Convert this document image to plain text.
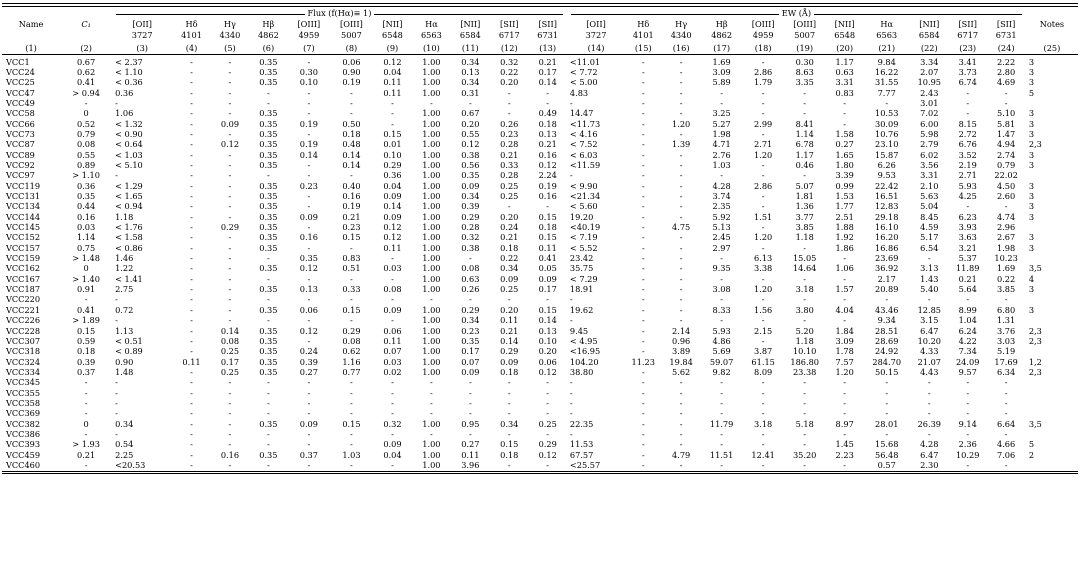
		Flux (f(Hα)≡ 1)											EW (Å)											
Name	C₁	[OII]	Hδ	Hγ	Hβ	[OIII]	[OIII]	[NII]	Hα	[NII]	[SII]	[SII]	[OII]	Hδ	Hγ	Hβ	[OIII]	[OIII]	[NII]	Hα	[NII]	[SII]	[SII]	Notes
		3727	4101	4340	4862	4959	5007	6548	6563	6584	6717	6731	3727	4101	4340	4862	4959	5007	6548	6563	6584	6717	6731	

(1)	(2)	(3)	(4)	(5)	(6)	(7)	(8)	(9)	(10)	(11)	(12)	(13)	(14)	(15)	(16)	(17)	(18)	(19)	(20)	(21)	(22)	(23)	(24)	(25)

VCC1	0.67	< 2.37	-	-	0.35	-	0.06	0.12	1.00	0.34	0.32	0.21	<11.01	-	-	1.69	-	0.30	1.17	9.84	3.34	3.41	2.22	3
VCC24	0.62	< 1.10	-	-	0.35	0.30	0.90	0.04	1.00	0.13	0.22	0.17	< 7.72	-	-	3.09	2.86	8.63	0.63	16.22	2.07	3.73	2.80	3
VCC25	0.41	< 0.36	-	-	0.35	0.10	0.19	0.11	1.00	0.34	0.20	0.14	< 5.00	-	-	5.89	1.79	3.35	3.31	31.55	10.95	6.74	4.69	3
VCC47	> 0.94	0.36	-	-	-	-	-	0.11	1.00	0.31	-	-	4.83	-	-	-	-	-	0.83	7.77	2.43	-	-	5
VCC49	-	-	-	-	-	-	-	-	-	-	-	-	-	-	-	-	-	-	-	-	3.01	-	-	
VCC58	0	1.06	-	-	0.35	-	-	-	1.00	0.67	-	0.49	14.47	-	-	3.25	-	-	-	10.53	7.02	-	5.10	3
VCC66	0.52	< 1.32	-	0.09	0.35	0.19	0.50	-	1.00	0.20	0.26	0.18	<11.73	-	1.20	5.27	2.99	8.41	-	30.09	6.00	8.15	5.81	3
VCC73	0.79	< 0.90	-	-	0.35	-	0.18	0.15	1.00	0.55	0.23	0.13	< 4.16	-	-	1.98	-	1.14	1.58	10.76	5.98	2.72	1.47	3
VCC87	0.08	< 0.64	-	0.12	0.35	0.19	0.48	0.01	1.00	0.12	0.28	0.21	< 7.52	-	1.39	4.71	2.71	6.78	0.27	23.10	2.79	6.76	4.94	2,3
VCC89	0.55	< 1.03	-	-	0.35	0.14	0.14	0.10	1.00	0.38	0.21	0.16	< 6.03	-	-	2.76	1.20	1.17	1.65	15.87	6.02	3.52	2.74	3
VCC92	0.89	< 5.10	-	-	0.35	-	0.14	0.29	1.00	0.56	0.33	0.12	<11.59	-	-	1.03	-	0.46	1.80	6.26	3.56	2.19	0.79	3
VCC97	> 1.10	-	-	-	-	-	-	0.36	1.00	0.35	0.28	2.24	-	-	-	-	-	-	3.39	9.53	3.31	2.71	22.02	
VCC119	0.36	< 1.29	-	-	0.35	0.23	0.40	0.04	1.00	0.09	0.25	0.19	< 9.90	-	-	4.28	2.86	5.07	0.99	22.42	2.10	5.93	4.50	3
VCC131	0.35	< 1.65	-	-	0.35	-	0.16	0.09	1.00	0.34	0.25	0.16	<21.34	-	-	3.74	-	1.81	1.53	16.51	5.63	4.25	2.60	3
VCC134	0.44	< 0.94	-	-	0.35	-	0.19	0.14	1.00	0.39	-	-	< 5.60	-	-	2.35	-	1.36	1.77	12.83	5.04	-	-	3
VCC144	0.16	1.18	-	-	0.35	0.09	0.21	0.09	1.00	0.29	0.20	0.15	19.20	-	-	5.92	1.51	3.77	2.51	29.18	8.45	6.23	4.74	3
VCC145	0.03	< 1.76	-	0.29	0.35	-	0.23	0.12	1.00	0.28	0.24	0.18	<40.19	-	4.75	5.13	-	3.85	1.88	16.10	4.59	3.93	2.96	
VCC152	1.14	< 1.58	-	-	0.35	0.16	0.15	0.12	1.00	0.32	0.21	0.15	< 7.19	-	-	2.45	1.20	1.18	1.92	16.20	5.17	3.63	2.67	3
VCC157	0.75	< 0.86	-	-	0.35	-	-	0.11	1.00	0.38	0.18	0.11	< 5.52	-	-	2.97	-	-	1.86	16.86	6.54	3.21	1.98	3
VCC159	> 1.48	1.46	-	-	-	0.35	0.83	-	1.00	-	0.22	0.41	23.42	-	-	-	6.13	15.05	-	23.69	-	5.37	10.23	
VCC162	0	1.22	-	-	0.35	0.12	0.51	0.03	1.00	0.08	0.34	0.05	35.75	-	-	9.35	3.38	14.64	1.06	36.92	3.13	11.89	1.69	3,5
VCC167	> 1.40	< 1.41	-	-	-	-	-	-	1.00	0.63	0.09	0.09	< 7.29	-	-	-	-	-	-	2.17	1.43	0.21	0.22	4
VCC187	0.91	2.75	-	-	0.35	0.13	0.33	0.08	1.00	0.26	0.25	0.17	18.91	-	-	3.08	1.20	3.18	1.57	20.89	5.40	5.64	3.85	3
VCC220	-	-	-	-	-	-	-	-	-	-	-	-	-	-	-	-	-	-	-	-	-	-	-	
VCC221	0.41	0.72	-	-	0.35	0.06	0.15	0.09	1.00	0.29	0.20	0.15	19.62	-	-	8.33	1.56	3.80	4.04	43.46	12.85	8.99	6.80	3
VCC226	> 1.89	-	-	-	-	-	-	-	1.00	0.34	0.11	0.14	-	-	-	-	-	-	-	9.34	3.15	1.04	1.31	
VCC228	0.15	1.13	-	0.14	0.35	0.12	0.29	0.06	1.00	0.23	0.21	0.13	9.45	-	2.14	5.93	2.15	5.20	1.84	28.51	6.47	6.24	3.76	2,3
VCC307	0.59	< 0.51	-	0.08	0.35	-	0.08	0.11	1.00	0.35	0.14	0.10	< 4.95	-	0.96	4.86	-	1.18	3.09	28.69	10.20	4.22	3.03	2,3
VCC318	0.18	< 0.89	-	0.25	0.35	0.24	0.62	0.07	1.00	0.17	0.29	0.20	<16.95	-	3.89	5.69	3.87	10.10	1.78	24.92	4.33	7.34	5.19	
VCC324	0.39	0.90	0.11	0.17	0.35	0.39	1.16	0.03	1.00	0.07	0.09	0.06	104.20	11.23	19.84	59.07	61.15	186.80	7.57	284.70	21.07	24.09	17.69	1,2
VCC334	0.37	1.48	-	0.25	0.35	0.27	0.77	0.02	1.00	0.09	0.18	0.12	38.80	-	5.62	9.82	8.09	23.38	1.20	50.15	4.43	9.57	6.34	2,3
VCC345	-	-	-	-	-	-	-	-	-	-	-	-	-	-	-	-	-	-	-	-	-	-	-	
VCC355	-	-	-	-	-	-	-	-	-	-	-	-	-	-	-	-	-	-	-	-	-	-	-	
VCC358	-	-	-	-	-	-	-	-	-	-	-	-	-	-	-	-	-	-	-	-	-	-	-	
VCC369	-	-	-	-	-	-	-	-	-	-	-	-	-	-	-	-	-	-	-	-	-	-	-	
VCC382	0	0.34	-	-	0.35	0.09	0.15	0.32	1.00	0.95	0.34	0.25	22.35	-	-	11.79	3.18	5.18	8.97	28.01	26.39	9.14	6.64	3,5
VCC386	-	-	-	-	-	-	-	-	-	-	-	-	-	-	-	-	-	-	-	-	-	-	-	
VCC393	> 1.93	0.54	-	-	-	-	-	0.09	1.00	0.27	0.15	0.29	11.53	-	-	-	-	-	1.45	15.68	4.28	2.36	4.66	5
VCC459	0.21	2.25	-	0.16	0.35	0.37	1.03	0.04	1.00	0.11	0.18	0.12	67.57	-	4.79	11.51	12.41	35.20	2.23	56.48	6.47	10.29	7.06	2
VCC460	-	<20.53	-	-	-	-	-	-	1.00	3.96	-	-	<25.57	-	-	-	-	-	-	0.57	2.30	-	-	
